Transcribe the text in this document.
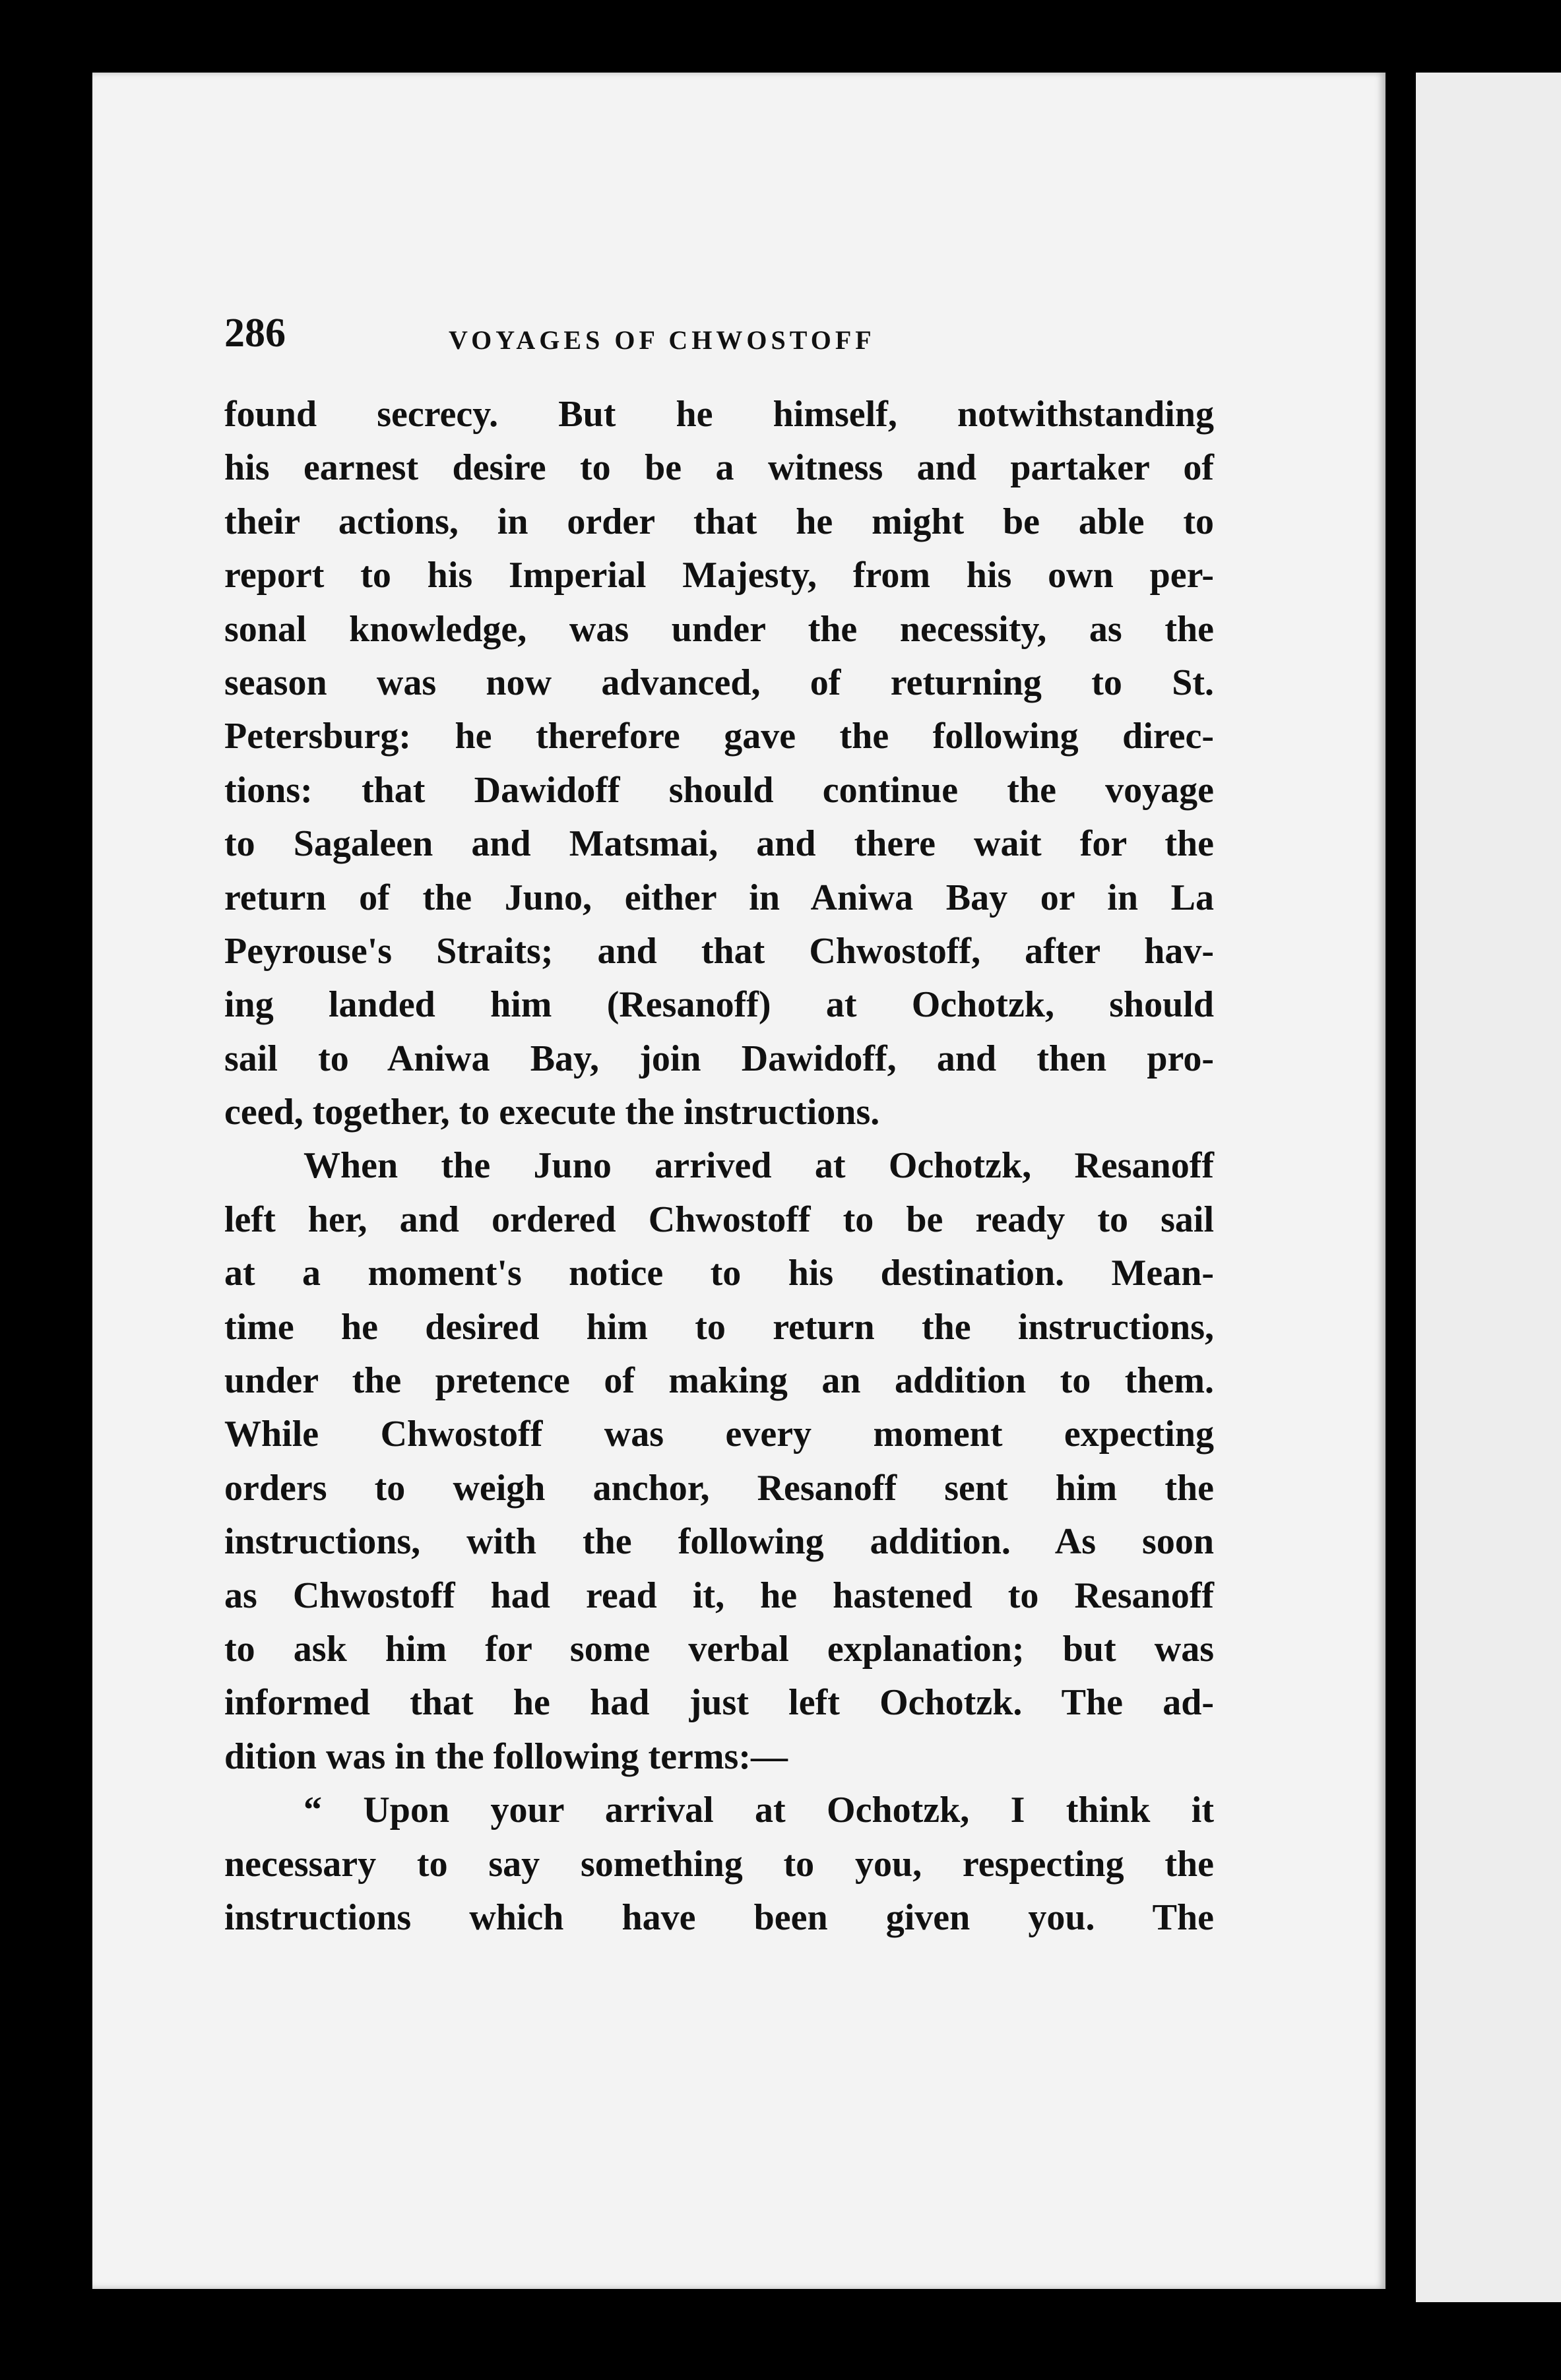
286	VOYAGES OF CHWOSTOFF
found secrecy. But he himself, notwithstanding
his earnest desire to be a witness and partaker of
their actions, in order that he might be able to
report to his Imperial Majesty, from his own per-
sonal knowledge, was under the necessity, as the
season was now advanced, of returning to St.
Petersburg: he therefore gave the following direc-
tions: that Dawidoff should continue the voyage
to Sagaleen and Matsmai, and there wait for the
return of the Juno, either in Aniwa Bay or in La
Peyrouse's Straits; and that Chwostoff, after hav-
ing landed him (Resanoff) at Ochotzk, should
sail to Aniwa Bay, join Dawidoff, and then pro-
ceed, together, to execute the instructions.
When the Juno arrived at Ochotzk, Resanoff
left her, and ordered Chwostoff to be ready to sail
at a moment's notice to his destination. Mean-
time he desired him to return the instructions,
under the pretence of making an addition to them.
While Chwostoff was every moment expecting
orders to weigh anchor, Resanoff sent him the
instructions, with the following addition. As soon
as Chwostoff had read it, he hastened to Resanoff
to ask him for some verbal explanation; but was
informed that he had just left Ochotzk. The ad-
dition was in the following terms:—
“ Upon your arrival at Ochotzk, I think it
necessary to say something to you, respecting the
instructions which have been given you. The
